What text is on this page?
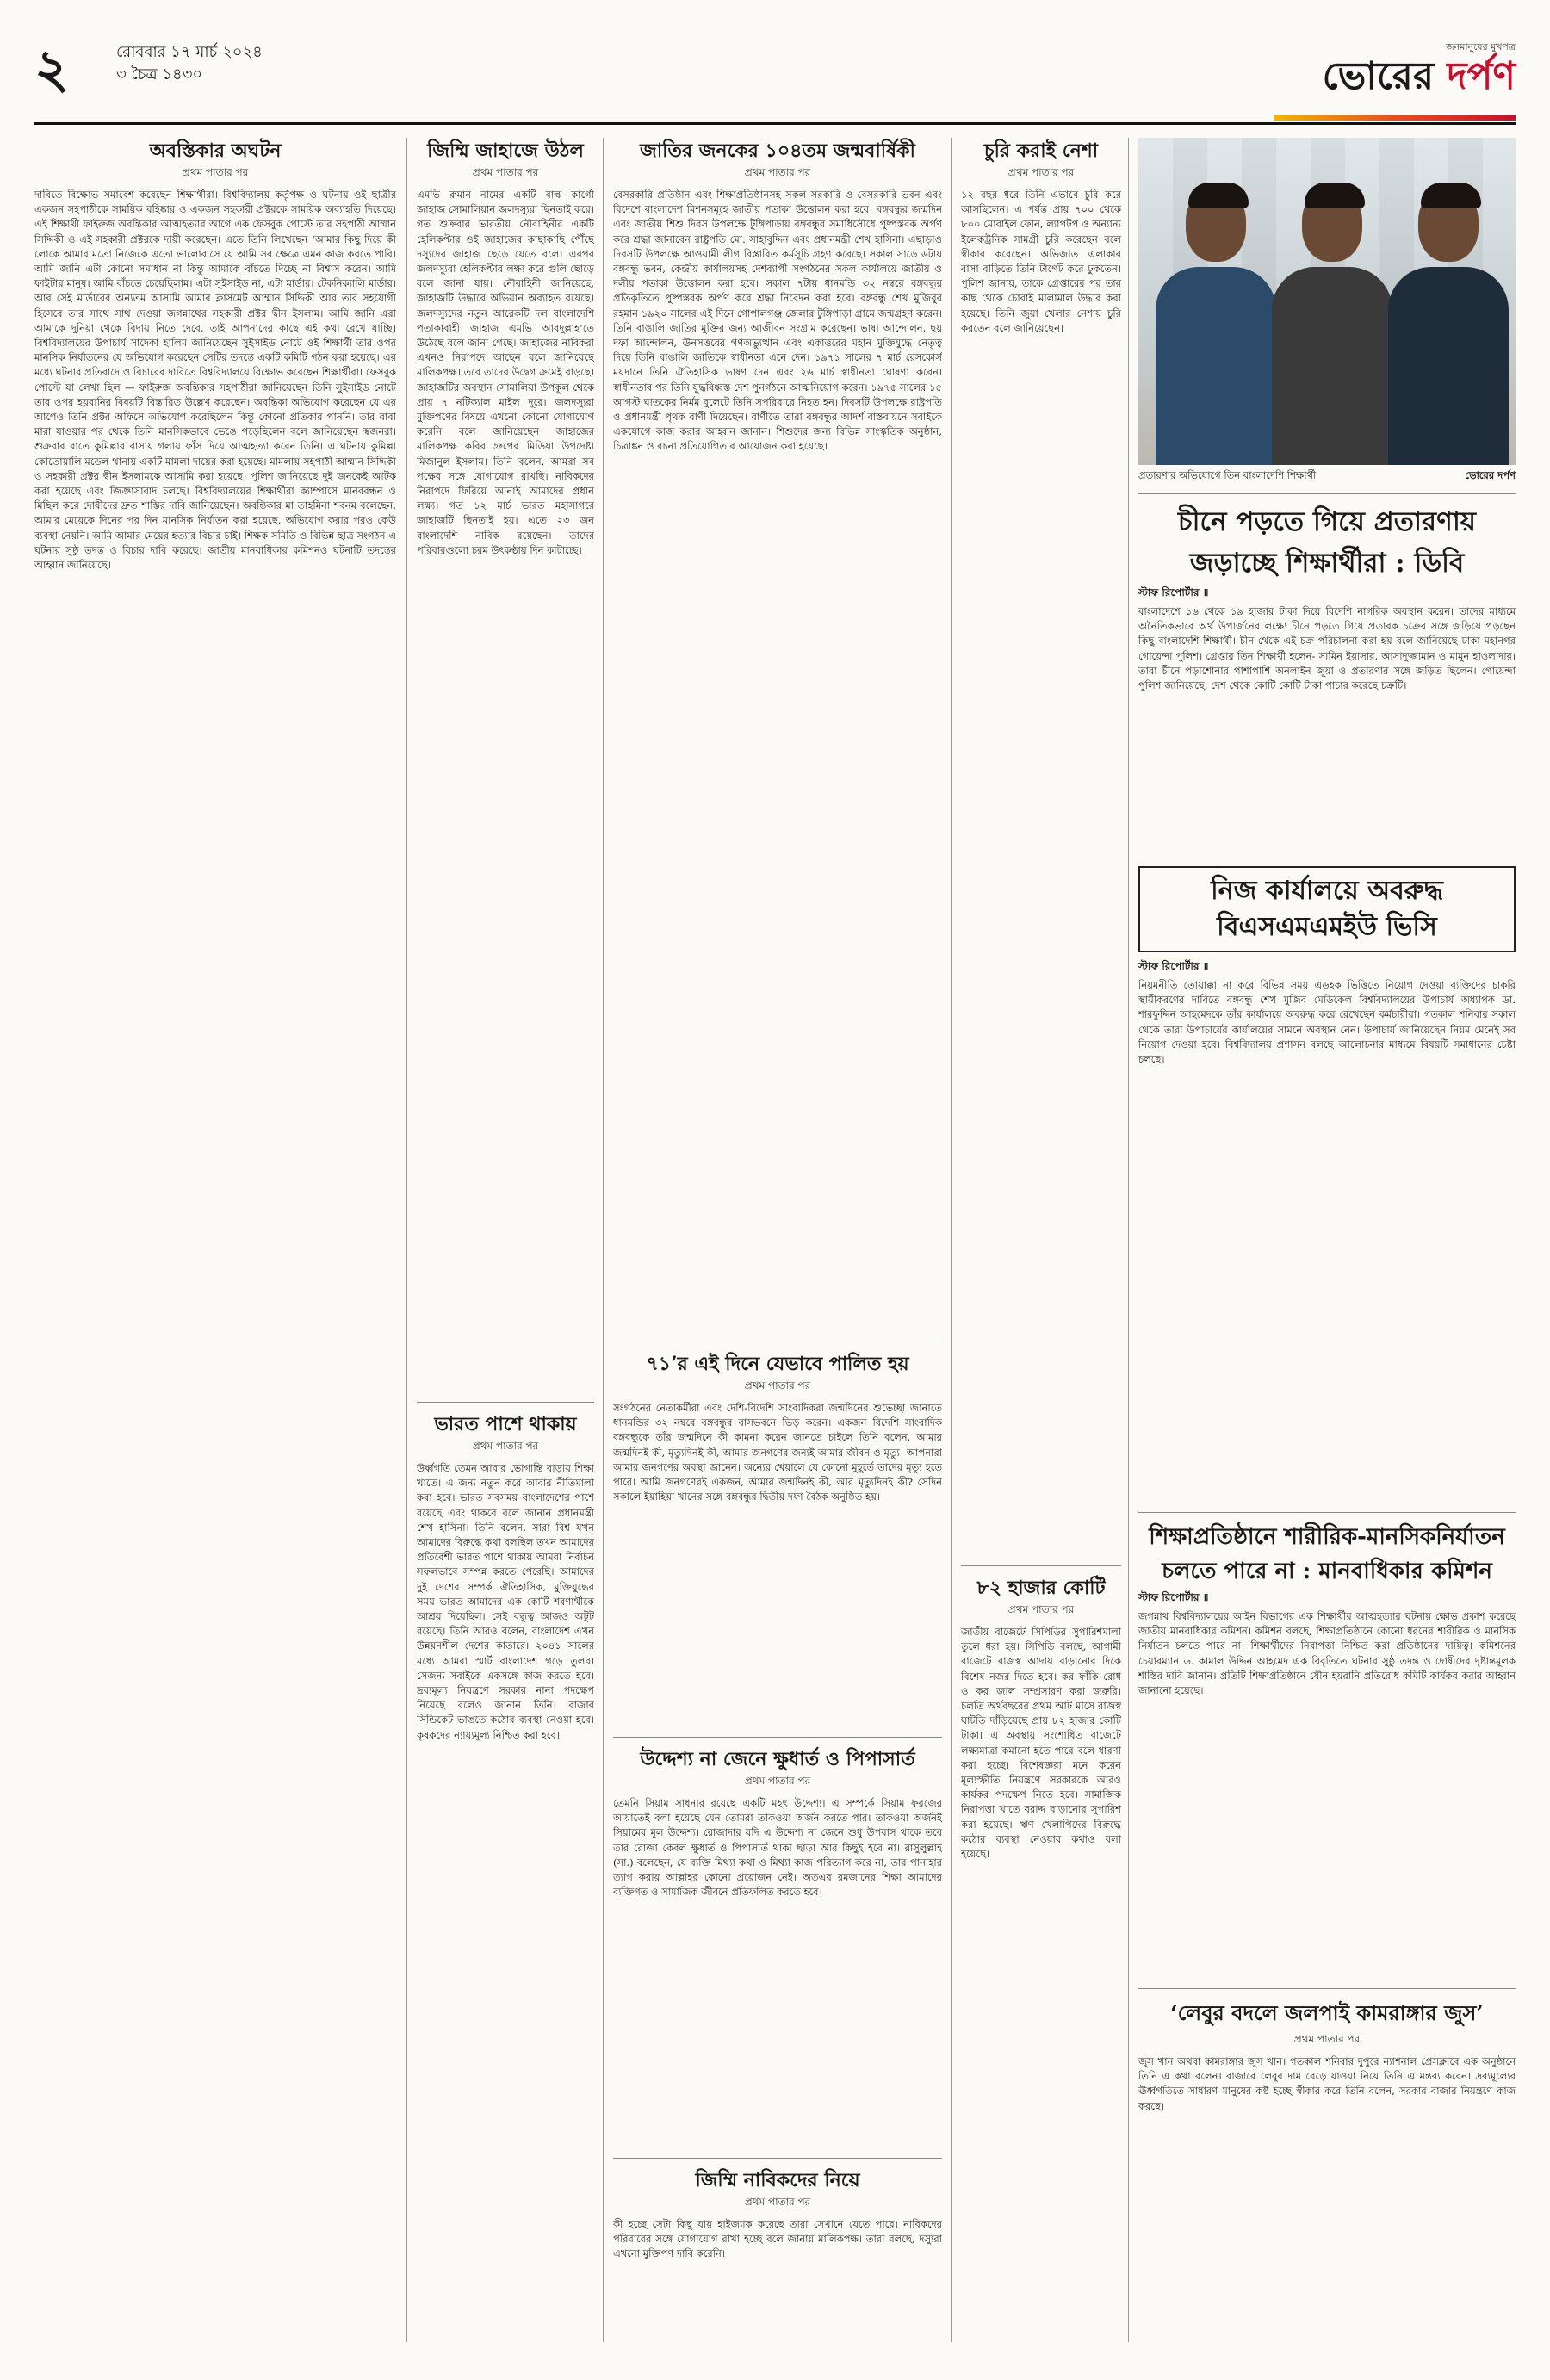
২	রোববার ১৭ মার্চ ২০২৪
৩ চৈত্র ১৪৩০
জনমানুষের মুখপত্র
ভোরের দর্পণ
অবস্তিকার অঘটন
প্রথম পাতার পর

দাবিতে বিক্ষোভ সমাবেশ করেছেন শিক্ষার্থীরা। বিশ্ববিদ্যালয় কর্তৃপক্ষ ও ঘটনায় ওই ছাত্রীর একজন সহপাঠীকে সাময়িক বহিষ্কার ও একজন সহকারী প্রক্টরকে সাময়িক অব্যাহতি দিয়েছে। এই শিক্ষার্থী ফাইরুজ অবন্তিকার আত্মহত্যার আগে এক ফেসবুক পোস্টে তার সহপাঠী আম্মান সিদ্দিকী ও এই সহকারী প্রক্টরকে দায়ী করেছেন। এতে তিনি লিখেছেন ‘আমার কিছু দিয়ে কী লোকে আমার মতো নিজেকে এতো ভালোবাসে যে আমি সব ক্ষেত্রে এমন কাজ করতে পারি। আমি জানি এটা কোনো সমাধান না কিন্তু আমাকে বাঁচতে দিচ্ছে না বিশ্বাস করেন। আমি ফাইটার মানুষ। আমি বাঁচতে চেয়েছিলাম। এটা সুইসাইড না, এটা মার্ডার। টেকনিক্যালি মার্ডার। আর সেই মার্ডারের অন্যতম আসামি আমার ক্লাসমেট আম্মান সিদ্দিকী আর তার সহযোগী হিসেবে তার সাথে সাথ দেওয়া জগন্নাথের সহকারী প্রক্টর দ্বীন ইসলাম। আমি জানি এরা আমাকে দুনিয়া থেকে বিদায় নিতে দেবে, তাই আপনাদের কাছে এই কথা রেখে যাচ্ছি। বিশ্ববিদ্যালয়ের উপাচার্য সাদেকা হালিম জানিয়েছেন সুইসাইড নোটে ওই শিক্ষার্থী তার ওপর মানসিক নির্যাতনের যে অভিযোগ করেছেন সেটির তদন্তে একটি কমিটি গঠন করা হয়েছে। এর মধ্যে ঘটনার প্রতিবাদে ও বিচারের দাবিতে বিশ্ববিদ্যালয়ে বিক্ষোভ করেছেন শিক্ষার্থীরা। ফেসবুক পোস্টে যা লেখা ছিল — ফাইরুজ অবন্তিকার সহপাঠীরা জানিয়েছেন তিনি সুইসাইড নোটে তার ওপর হয়রানির বিষয়টি বিস্তারিত উল্লেখ করেছেন। অবন্তিকা অভিযোগ করেছেন যে এর আগেও তিনি প্রক্টর অফিসে অভিযোগ করেছিলেন কিন্তু কোনো প্রতিকার পাননি। তার বাবা মারা যাওয়ার পর থেকে তিনি মানসিকভাবে ভেঙে পড়েছিলেন বলে জানিয়েছেন স্বজনরা। শুক্রবার রাতে কুমিল্লার বাসায় গলায় ফাঁস দিয়ে আত্মহত্যা করেন তিনি। এ ঘটনায় কুমিল্লা কোতোয়ালি মডেল থানায় একটি মামলা দায়ের করা হয়েছে। মামলায় সহপাঠী আম্মান সিদ্দিকী ও সহকারী প্রক্টর দ্বীন ইসলামকে আসামি করা হয়েছে। পুলিশ জানিয়েছে দুই জনকেই আটক করা হয়েছে এবং জিজ্ঞাসাবাদ চলছে। বিশ্ববিদ্যালয়ের শিক্ষার্থীরা ক্যাম্পাসে মানববন্ধন ও মিছিল করে দোষীদের দ্রুত শাস্তির দাবি জানিয়েছেন। অবন্তিকার মা তাহমিনা শবনম বলেছেন, আমার মেয়েকে দিনের পর দিন মানসিক নির্যাতন করা হয়েছে, অভিযোগ করার পরও কেউ ব্যবস্থা নেয়নি। আমি আমার মেয়ের হত্যার বিচার চাই। শিক্ষক সমিতি ও বিভিন্ন ছাত্র সংগঠন এ ঘটনার সুষ্ঠু তদন্ত ও বিচার দাবি করেছে। জাতীয় মানবাধিকার কমিশনও ঘটনাটি তদন্তের আহ্বান জানিয়েছে।

জিম্মি জাহাজে উঠল
প্রথম পাতার পর

এমভি রুমান নামের একটি বাল্ক কার্গো জাহাজ সোমালিয়ান জলদস্যুরা ছিনতাই করে। গত শুক্রবার ভারতীয় নৌবাহিনীর একটি হেলিকপ্টার ওই জাহাজের কাছাকাছি পৌঁছে দস্যুদের জাহাজ ছেড়ে যেতে বলে। এরপর জলদস্যুরা হেলিকপ্টার লক্ষ্য করে গুলি ছোড়ে বলে জানা যায়। নৌবাহিনী জানিয়েছে, জাহাজটি উদ্ধারে অভিযান অব্যাহত রয়েছে। জলদস্যুদের নতুন আরেকটি দল বাংলাদেশি পতাকাবাহী জাহাজ এমভি আবদুল্লাহ’তে উঠেছে বলে জানা গেছে। জাহাজের নাবিকরা এখনও নিরাপদে আছেন বলে জানিয়েছে মালিকপক্ষ। তবে তাদের উদ্বেগ ক্রমেই বাড়ছে। জাহাজটির অবস্থান সোমালিয়া উপকূল থেকে প্রায় ৭ নটিক্যাল মাইল দূরে। জলদস্যুরা মুক্তিপণের বিষয়ে এখনো কোনো যোগাযোগ করেনি বলে জানিয়েছেন জাহাজের মালিকপক্ষ কবির গ্রুপের মিডিয়া উপদেষ্টা মিজানুল ইসলাম। তিনি বলেন, আমরা সব পক্ষের সঙ্গে যোগাযোগ রাখছি। নাবিকদের নিরাপদে ফিরিয়ে আনাই আমাদের প্রধান লক্ষ্য। গত ১২ মার্চ ভারত মহাসাগরে জাহাজটি ছিনতাই হয়। এতে ২৩ জন বাংলাদেশি নাবিক রয়েছেন। তাদের পরিবারগুলো চরম উৎকণ্ঠায় দিন কাটাচ্ছে।

ভারত পাশে থাকায়
প্রথম পাতার পর

উর্ধ্বগতি তেমন আবার ভোগান্তি বাড়ায় শিক্ষা খাতে। এ জন্য নতুন করে আবার নীতিমালা করা হবে। ভারত সবসময় বাংলাদেশের পাশে রয়েছে এবং থাকবে বলে জানান প্রধানমন্ত্রী শেখ হাসিনা। তিনি বলেন, সারা বিশ্ব যখন আমাদের বিরুদ্ধে কথা বলছিল তখন আমাদের প্রতিবেশী ভারত পাশে থাকায় আমরা নির্বাচন সফলভাবে সম্পন্ন করতে পেরেছি। আমাদের দুই দেশের সম্পর্ক ঐতিহাসিক, মুক্তিযুদ্ধের সময় ভারত আমাদের এক কোটি শরণার্থীকে আশ্রয় দিয়েছিল। সেই বন্ধুত্ব আজও অটুট রয়েছে। তিনি আরও বলেন, বাংলাদেশ এখন উন্নয়নশীল দেশের কাতারে। ২০৪১ সালের মধ্যে আমরা স্মার্ট বাংলাদেশ গড়ে তুলব। সেজন্য সবাইকে একসঙ্গে কাজ করতে হবে। দ্রব্যমূল্য নিয়ন্ত্রণে সরকার নানা পদক্ষেপ নিয়েছে বলেও জানান তিনি। বাজার সিন্ডিকেট ভাঙতে কঠোর ব্যবস্থা নেওয়া হবে। কৃষকদের ন্যায্যমূল্য নিশ্চিত করা হবে।

জাতির জনকের ১০৪তম জন্মবার্ষিকী
প্রথম পাতার পর

বেসরকারি প্রতিষ্ঠান এবং শিক্ষাপ্রতিষ্ঠানসহ সকল সরকারি ও বেসরকারি ভবন এবং বিদেশে বাংলাদেশ মিশনসমূহে জাতীয় পতাকা উত্তোলন করা হবে। বঙ্গবন্ধুর জন্মদিন এবং জাতীয় শিশু দিবস উপলক্ষে টুঙ্গিপাড়ায় বঙ্গবন্ধুর সমাধিসৌধে পুষ্পস্তবক অর্পণ করে শ্রদ্ধা জানাবেন রাষ্ট্রপতি মো. সাহাবুদ্দিন এবং প্রধানমন্ত্রী শেখ হাসিনা। এছাড়াও দিবসটি উপলক্ষে আওয়ামী লীগ বিস্তারিত কর্মসূচি গ্রহণ করেছে। সকাল সাড়ে ৬টায় বঙ্গবন্ধু ভবন, কেন্দ্রীয় কার্যালয়সহ দেশব্যাপী সংগঠনের সকল কার্যালয়ে জাতীয় ও দলীয় পতাকা উত্তোলন করা হবে। সকাল ৭টায় ধানমন্ডি ৩২ নম্বরে বঙ্গবন্ধুর প্রতিকৃতিতে পুষ্পস্তবক অর্পণ করে শ্রদ্ধা নিবেদন করা হবে। বঙ্গবন্ধু শেখ মুজিবুর রহমান ১৯২০ সালের এই দিনে গোপালগঞ্জ জেলার টুঙ্গিপাড়া গ্রামে জন্মগ্রহণ করেন। তিনি বাঙালি জাতির মুক্তির জন্য আজীবন সংগ্রাম করেছেন। ভাষা আন্দোলন, ছয় দফা আন্দোলন, ঊনসত্তরের গণঅভ্যুত্থান এবং একাত্তরের মহান মুক্তিযুদ্ধে নেতৃত্ব দিয়ে তিনি বাঙালি জাতিকে স্বাধীনতা এনে দেন। ১৯৭১ সালের ৭ মার্চ রেসকোর্স ময়দানে তিনি ঐতিহাসিক ভাষণ দেন এবং ২৬ মার্চ স্বাধীনতা ঘোষণা করেন। স্বাধীনতার পর তিনি যুদ্ধবিধ্বস্ত দেশ পুনর্গঠনে আত্মনিয়োগ করেন। ১৯৭৫ সালের ১৫ আগস্ট ঘাতকের নির্মম বুলেটে তিনি সপরিবারে নিহত হন। দিবসটি উপলক্ষে রাষ্ট্রপতি ও প্রধানমন্ত্রী পৃথক বাণী দিয়েছেন। বাণীতে তারা বঙ্গবন্ধুর আদর্শ বাস্তবায়নে সবাইকে একযোগে কাজ করার আহ্বান জানান। শিশুদের জন্য বিভিন্ন সাংস্কৃতিক অনুষ্ঠান, চিত্রাঙ্কন ও রচনা প্রতিযোগিতার আয়োজন করা হয়েছে।

৭১’র এই দিনে যেভাবে পালিত হয়
প্রথম পাতার পর

সংগঠনের নেতাকর্মীরা এবং দেশি-বিদেশি সাংবাদিকরা জন্মদিনের শুভেচ্ছা জানাতে ধানমন্ডির ৩২ নম্বরে বঙ্গবন্ধুর বাসভবনে ভিড় করেন। একজন বিদেশি সাংবাদিক বঙ্গবন্ধুকে তাঁর জন্মদিনে কী কামনা করেন জানতে চাইলে তিনি বলেন, আমার জন্মদিনই কী, মৃত্যুদিনই কী, আমার জনগণের জন্যই আমার জীবন ও মৃত্যু। আপনারা আমার জনগণের অবস্থা জানেন। অন্যের খেয়ালে যে কোনো মুহূর্তে তাদের মৃত্যু হতে পারে। আমি জনগণেরই একজন, আমার জন্মদিনই কী, আর মৃত্যুদিনই কী? সেদিন সকালে ইয়াহিয়া খানের সঙ্গে বঙ্গবন্ধুর দ্বিতীয় দফা বৈঠক অনুষ্ঠিত হয়।

উদ্দেশ্য না জেনে ক্ষুধার্ত ও পিপাসার্ত
প্রথম পাতার পর

তেমনি সিয়াম সাধনার রয়েছে একটি মহৎ উদ্দেশ্য। এ সম্পর্কে সিয়াম ফরজের আয়াতেই বলা হয়েছে যেন তোমরা তাকওয়া অর্জন করতে পার। তাকওয়া অর্জনই সিয়ামের মূল উদ্দেশ্য। রোজাদার যদি এ উদ্দেশ্য না জেনে শুধু উপবাস থাকে তবে তার রোজা কেবল ক্ষুধার্ত ও পিপাসার্ত থাকা ছাড়া আর কিছুই হবে না। রাসুলুল্লাহ (সা.) বলেছেন, যে ব্যক্তি মিথ্যা কথা ও মিথ্যা কাজ পরিত্যাগ করে না, তার পানাহার ত্যাগ করায় আল্লাহর কোনো প্রয়োজন নেই। অতএব রমজানের শিক্ষা আমাদের ব্যক্তিগত ও সামাজিক জীবনে প্রতিফলিত করতে হবে।

জিম্মি নাবিকদের নিয়ে
প্রথম পাতার পর

কী হচ্ছে সেটা কিছু যায় হাইজ্যাক করেছে তারা সেখানে যেতে পারে। নাবিকদের পরিবারের সঙ্গে যোগাযোগ রাখা হচ্ছে বলে জানায় মালিকপক্ষ। তারা বলছে, দস্যুরা এখনো মুক্তিপণ দাবি করেনি।

চুরি করাই নেশা
প্রথম পাতার পর

১২ বছর ধরে তিনি এভাবে চুরি করে আসছিলেন। এ পর্যন্ত প্রায় ৭০০ থেকে ৮০০ মোবাইল ফোন, ল্যাপটপ ও অন্যান্য ইলেকট্রনিক সামগ্রী চুরি করেছেন বলে স্বীকার করেছেন। অভিজাত এলাকার বাসা বাড়িতে তিনি টার্গেট করে ঢুকতেন। পুলিশ জানায়, তাকে গ্রেপ্তারের পর তার কাছ থেকে চোরাই মালামাল উদ্ধার করা হয়েছে। তিনি জুয়া খেলার নেশায় চুরি করতেন বলে জানিয়েছেন।

৮২ হাজার কোটি
প্রথম পাতার পর

জাতীয় বাজেটে সিপিডির সুপারিশমালা তুলে ধরা হয়। সিপিডি বলছে, আগামী বাজেটে রাজস্ব আদায় বাড়ানোর দিকে বিশেষ নজর দিতে হবে। কর ফাঁকি রোধ ও কর জাল সম্প্রসারণ করা জরুরি। চলতি অর্থবছরের প্রথম আট মাসে রাজস্ব ঘাটতি দাঁড়িয়েছে প্রায় ৮২ হাজার কোটি টাকা। এ অবস্থায় সংশোধিত বাজেটে লক্ষ্যমাত্রা কমানো হতে পারে বলে ধারণা করা হচ্ছে। বিশেষজ্ঞরা মনে করেন মূল্যস্ফীতি নিয়ন্ত্রণে সরকারকে আরও কার্যকর পদক্ষেপ নিতে হবে। সামাজিক নিরাপত্তা খাতে বরাদ্দ বাড়ানোর সুপারিশ করা হয়েছে। ঋণ খেলাপিদের বিরুদ্ধে কঠোর ব্যবস্থা নেওয়ার কথাও বলা হয়েছে।

প্রতারণার অভিযোগে তিন বাংলাদেশি শিক্ষার্থী	ভোরের দর্পণ
চীনে পড়তে গিয়ে প্রতারণায়
জড়াচ্ছে শিক্ষার্থীরা : ডিবি
স্টাফ রিপোর্টার ॥

বাংলাদেশে ১৬ থেকে ১৯ হাজার টাকা দিয়ে বিদেশি নাগরিক অবস্থান করেন। তাদের মাধ্যমে অনৈতিকভাবে অর্থ উপার্জনের লক্ষ্যে চীনে পড়তে গিয়ে প্রতারক চক্রের সঙ্গে জড়িয়ে পড়ছেন কিছু বাংলাদেশি শিক্ষার্থী। চীন থেকে এই চক্র পরিচালনা করা হয় বলে জানিয়েছে ঢাকা মহানগর গোয়েন্দা পুলিশ। গ্রেপ্তার তিন শিক্ষার্থী হলেন- সামিন ইয়াসার, আসাদুজ্জামান ও মামুন হাওলাদার। তারা চীনে পড়াশোনার পাশাপাশি অনলাইন জুয়া ও প্রতারণার সঙ্গে জড়িত ছিলেন। গোয়েন্দা পুলিশ জানিয়েছে, দেশ থেকে কোটি কোটি টাকা পাচার করেছে চক্রটি।

নিজ কার্যালয়ে অবরুদ্ধ
বিএসএমএমইউ ভিসি
স্টাফ রিপোর্টার ॥

নিয়মনীতি তোয়াক্কা না করে বিভিন্ন সময় এডহক ভিত্তিতে নিয়োগ দেওয়া ব্যক্তিদের চাকরি স্থায়ীকরণের দাবিতে বঙ্গবন্ধু শেখ মুজিব মেডিকেল বিশ্ববিদ্যালয়ের উপাচার্য অধ্যাপক ডা. শারফুদ্দিন আহমেদকে তাঁর কার্যালয়ে অবরুদ্ধ করে রেখেছেন কর্মচারীরা। গতকাল শনিবার সকাল থেকে তারা উপাচার্যের কার্যালয়ের সামনে অবস্থান নেন। উপাচার্য জানিয়েছেন নিয়ম মেনেই সব নিয়োগ দেওয়া হবে। বিশ্ববিদ্যালয় প্রশাসন বলছে আলোচনার মাধ্যমে বিষয়টি সমাধানের চেষ্টা চলছে।

শিক্ষাপ্রতিষ্ঠানে শারীরিক-মানসিকনির্যাতন
চলতে পারে না : মানবাধিকার কমিশন
স্টাফ রিপোর্টার ॥

জগন্নাথ বিশ্ববিদ্যালয়ের আইন বিভাগের এক শিক্ষার্থীর আত্মহত্যার ঘটনায় ক্ষোভ প্রকাশ করেছে জাতীয় মানবাধিকার কমিশন। কমিশন বলছে, শিক্ষাপ্রতিষ্ঠানে কোনো ধরনের শারীরিক ও মানসিক নির্যাতন চলতে পারে না। শিক্ষার্থীদের নিরাপত্তা নিশ্চিত করা প্রতিষ্ঠানের দায়িত্ব। কমিশনের চেয়ারম্যান ড. কামাল উদ্দিন আহমেদ এক বিবৃতিতে ঘটনার সুষ্ঠু তদন্ত ও দোষীদের দৃষ্টান্তমূলক শাস্তির দাবি জানান। প্রতিটি শিক্ষাপ্রতিষ্ঠানে যৌন হয়রানি প্রতিরোধ কমিটি কার্যকর করার আহ্বান জানানো হয়েছে।

‘লেবুর বদলে জলপাই কামরাঙ্গার জুস’
প্রথম পাতার পর

জুস খান অথবা কামরাঙ্গার জুস খান। গতকাল শনিবার দুপুরে ন্যাশনাল প্রেসক্লাবে এক অনুষ্ঠানে তিনি এ কথা বলেন। বাজারে লেবুর দাম বেড়ে যাওয়া নিয়ে তিনি এ মন্তব্য করেন। দ্রব্যমূল্যের ঊর্ধ্বগতিতে সাধারণ মানুষের কষ্ট হচ্ছে স্বীকার করে তিনি বলেন, সরকার বাজার নিয়ন্ত্রণে কাজ করছে।
